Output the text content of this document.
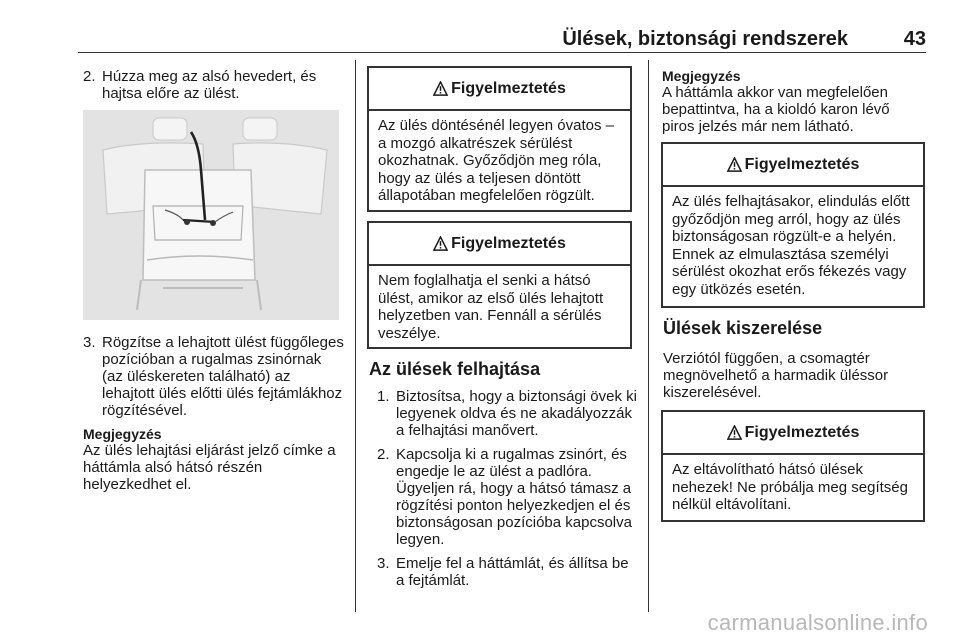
Ülések, biztonsági rendszerek	43
2. Húzza meg az alsó hevedert, és hajtsa előre az ülést.
3. Rögzítse a lehajtott ülést függőleges pozícióban a rugalmas zsinórnak (az üléskereten található) az lehajtott ülés előtti ülés fejtámlákhoz rögzítésével.
Megjegyzés
Az ülés lehajtási eljárást jelző címke a háttámla alsó hátsó részén helyezkedhet el.
Figyelmeztetés
Az ülés döntésénél legyen óvatos – a mozgó alkatrészek sérülést okozhatnak. Győződjön meg róla, hogy az ülés a teljesen döntött állapotában megfelelően rögzült.
Figyelmeztetés
Nem foglalhatja el senki a hátsó ülést, amikor az első ülés lehajtott helyzetben van. Fennáll a sérülés veszélye.
Az ülések felhajtása
1. Biztosítsa, hogy a biztonsági övek ki legyenek oldva és ne akadályozzák a felhajtási manővert.
2. Kapcsolja ki a rugalmas zsinórt, és engedje le az ülést a padlóra. Ügyeljen rá, hogy a hátsó támasz a rögzítési ponton helyezkedjen el és biztonságosan pozícióba kapcsolva legyen.
3. Emelje fel a háttámlát, és állítsa be a fejtámlát.
Megjegyzés
A háttámla akkor van megfelelően bepattintva, ha a kioldó karon lévő piros jelzés már nem látható.
Figyelmeztetés
Az ülés felhajtásakor, elindulás előtt győződjön meg arról, hogy az ülés biztonságosan rögzült-e a helyén. Ennek az elmulasztása személyi sérülést okozhat erős fékezés vagy egy ütközés esetén.
Ülések kiszerelése
Verziótól függően, a csomagtér megnövelhető a harmadik üléssor kiszerelésével.
Figyelmeztetés
Az eltávolítható hátsó ülések nehezek! Ne próbálja meg segítség nélkül eltávolítani.
carmanualsonline.info
